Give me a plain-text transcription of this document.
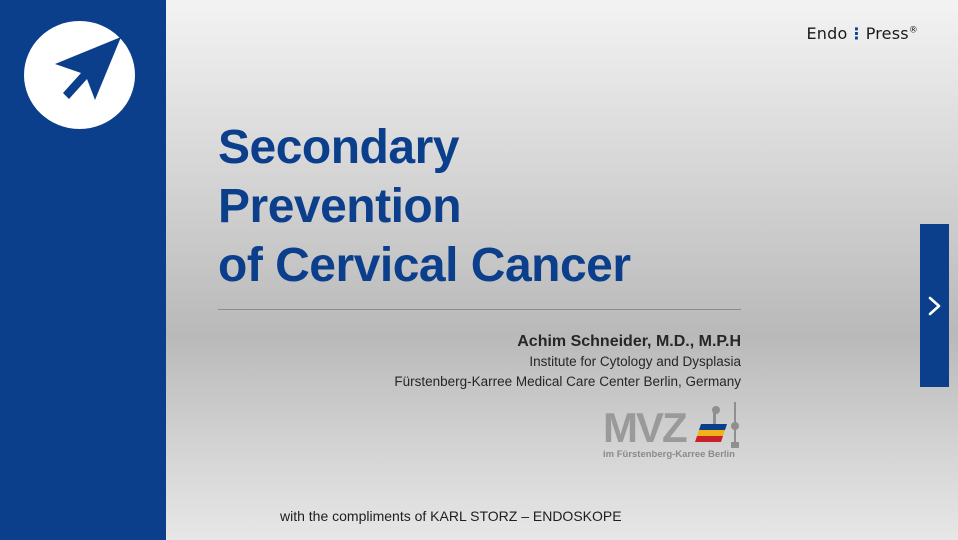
Endo⋮Press®
Secondary
Prevention
of Cervical Cancer
Achim Schneider, M.D., M.P.H
Institute for Cytology and Dysplasia
Fürstenberg-Karree Medical Care Center Berlin, Germany
MVZ
im Fürstenberg-Karree Berlin
with the compliments of KARL STORZ – ENDOSKOPE
